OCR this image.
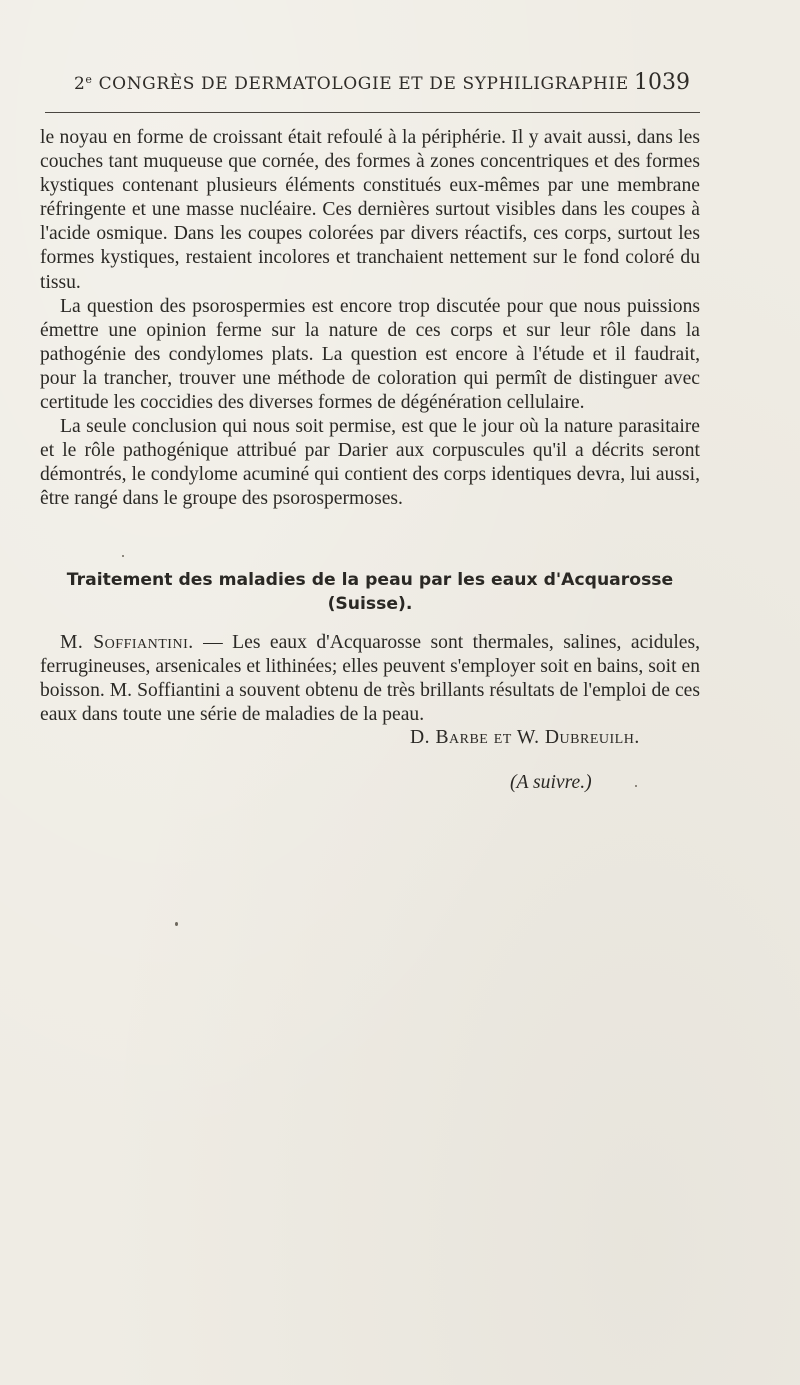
2e CONGRÈS DE DERMATOLOGIE ET DE SYPHILIGRAPHIE 1039

le noyau en forme de croissant était refoulé à la périphérie. Il y avait aussi, dans les couches tant muqueuse que cornée, des formes à zones concentriques et des formes kystiques contenant plusieurs éléments constitués eux-mêmes par une membrane réfringente et une masse nucléaire. Ces dernières surtout visibles dans les coupes à l'acide osmique. Dans les coupes colorées par divers réactifs, ces corps, surtout les formes kystiques, restaient incolores et tranchaient nettement sur le fond coloré du tissu.

La question des psorospermies est encore trop discutée pour que nous puissions émettre une opinion ferme sur la nature de ces corps et sur leur rôle dans la pathogénie des condylomes plats. La question est encore à l'étude et il faudrait, pour la trancher, trouver une méthode de coloration qui permît de distinguer avec certitude les coccidies des diverses formes de dégénération cellulaire.

La seule conclusion qui nous soit permise, est que le jour où la nature parasitaire et le rôle pathogénique attribué par Darier aux corpuscules qu'il a décrits seront démontrés, le condylome acuminé qui contient des corps identiques devra, lui aussi, être rangé dans le groupe des psorospermoses.

Traitement des maladies de la peau par les eaux d'Acquarosse
(Suisse).

M. Soffiantini. — Les eaux d'Acquarosse sont thermales, salines, acidules, ferrugineuses, arsenicales et lithinées; elles peuvent s'employer soit en bains, soit en boisson. M. Soffiantini a souvent obtenu de très brillants résultats de l'emploi de ces eaux dans toute une série de maladies de la peau.

D. Barbe et W. Dubreuilh.
(A suivre.)
